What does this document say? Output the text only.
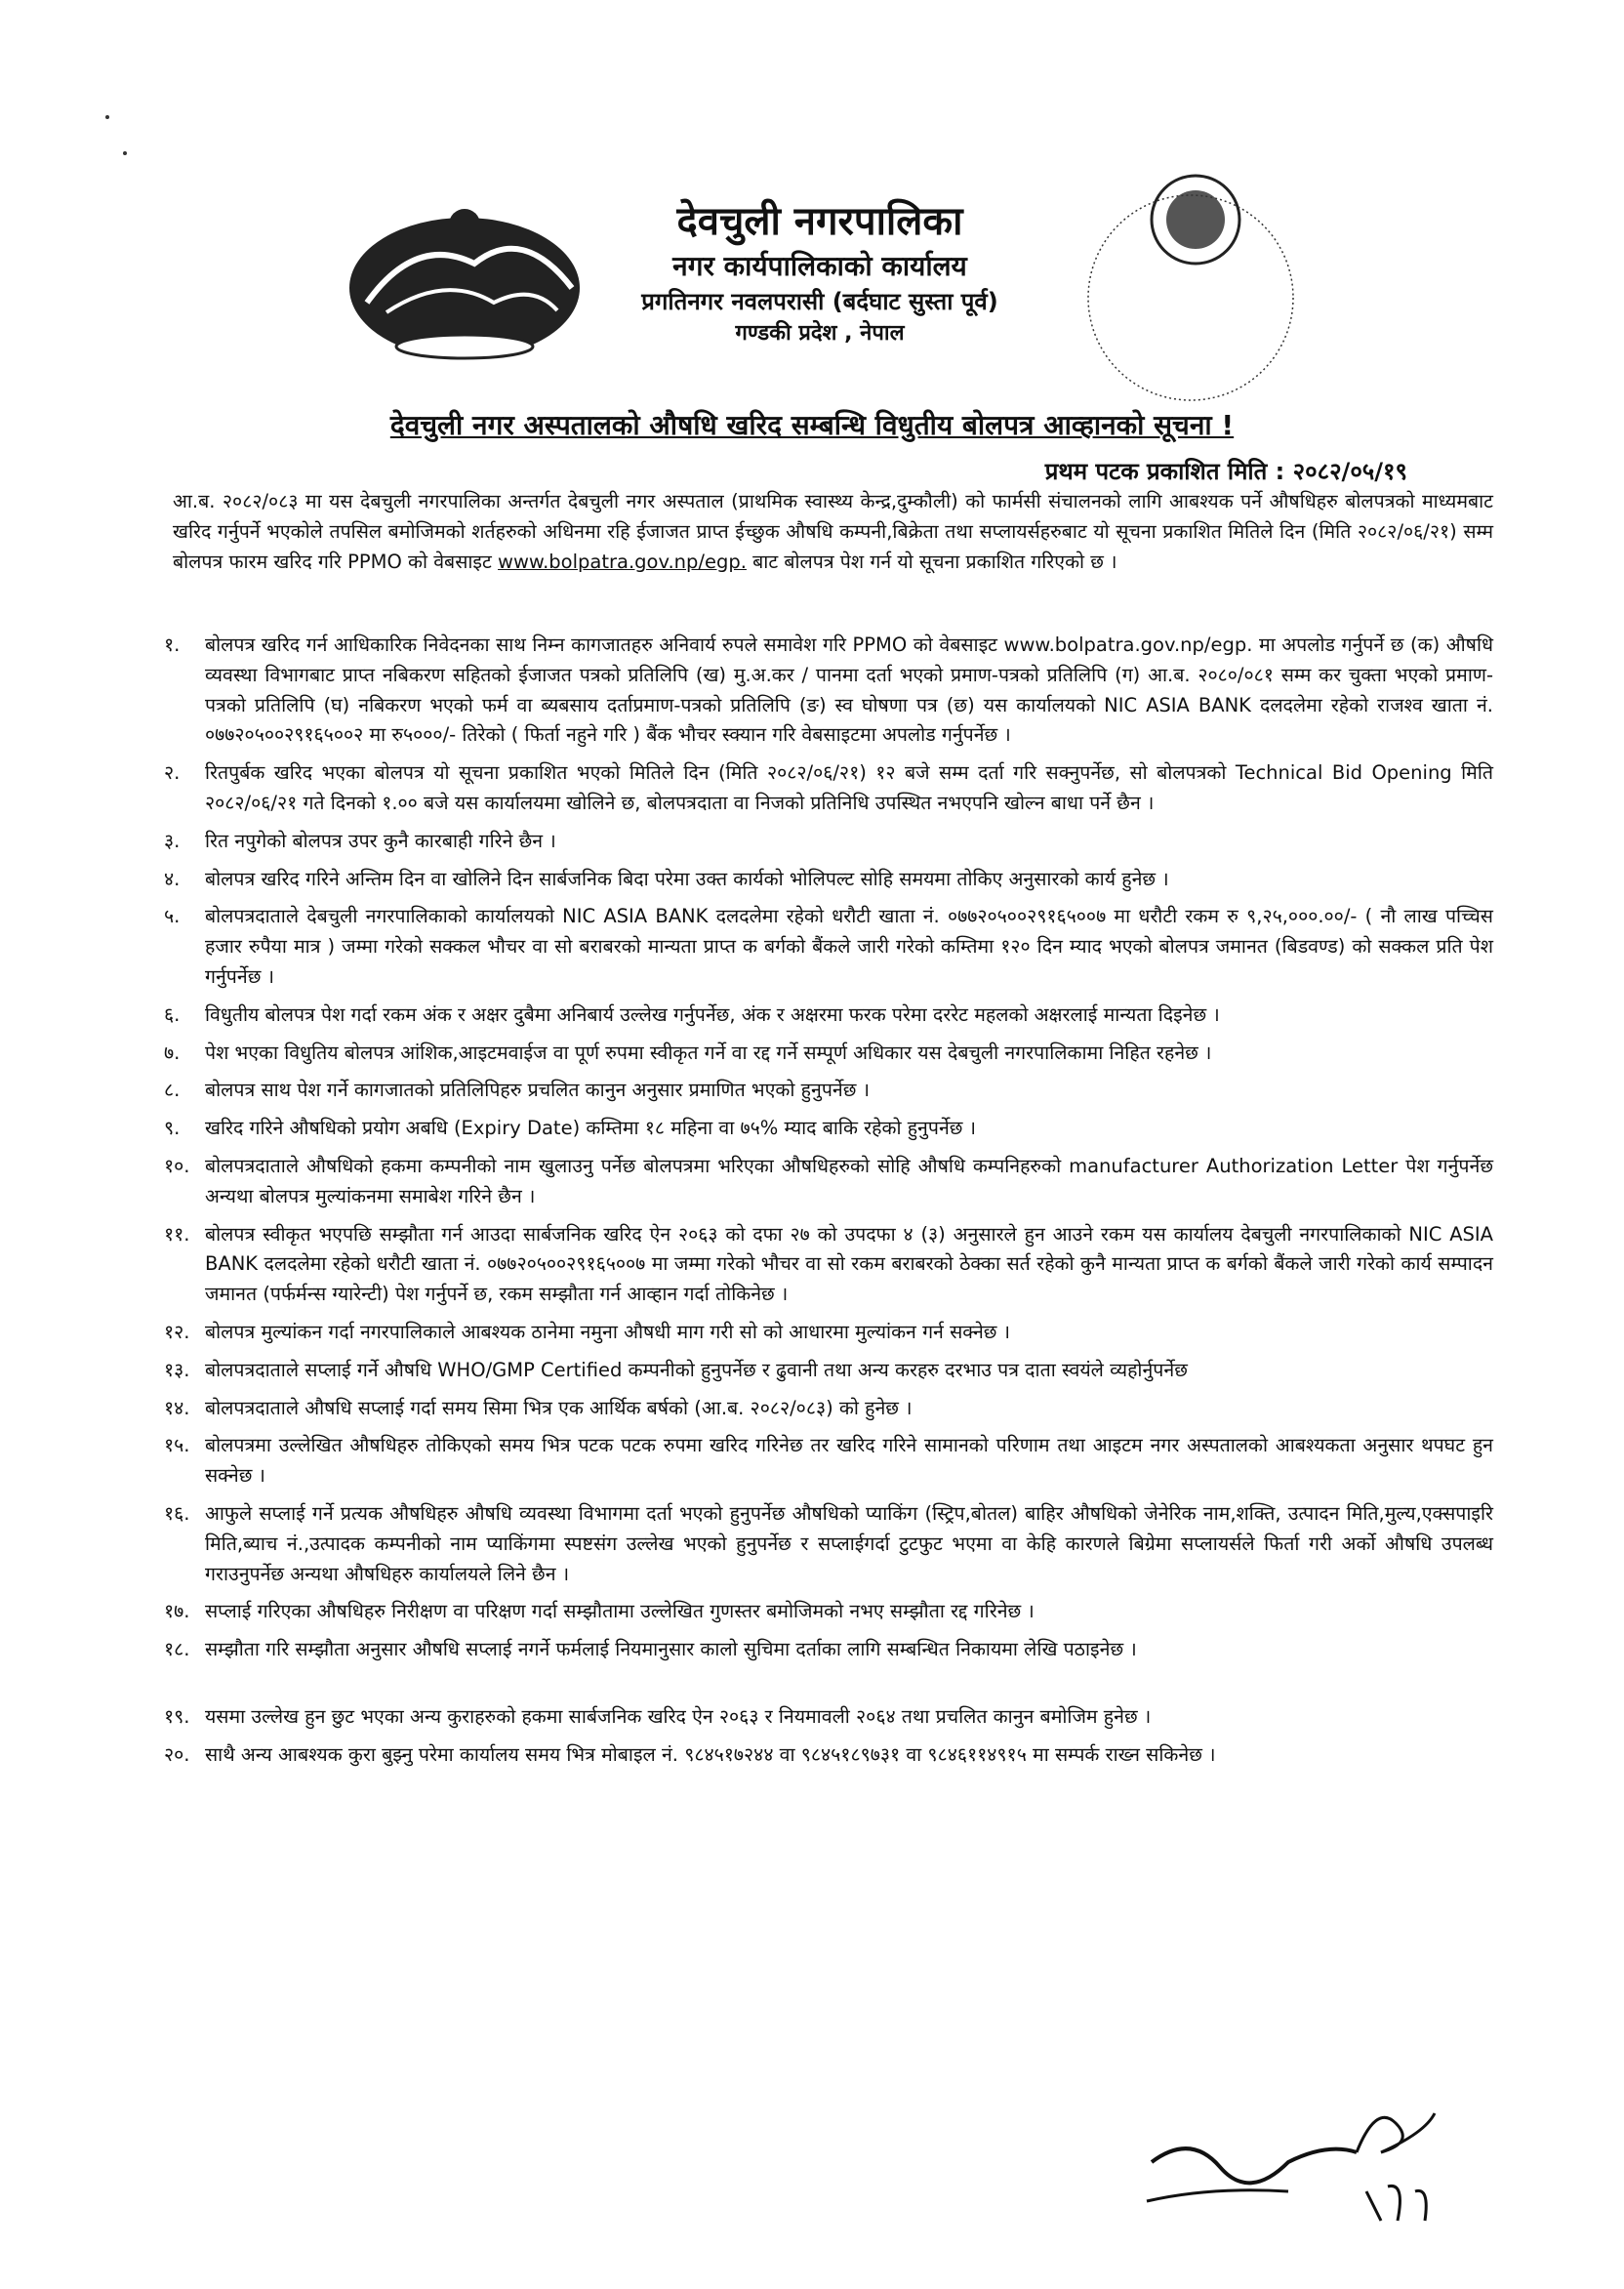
देवचुली नगरपालिका
नगर कार्यपालिकाको कार्यालय
प्रगतिनगर नवलपरासी (बर्दघाट सुस्ता पूर्व)
गण्डकी प्रदेश , नेपाल
देवचुली नगर अस्पतालको औषधि खरिद सम्बन्धि विधुतीय बोलपत्र आव्हानको सूचना !
प्रथम पटक प्रकाशित मिति : २०८२/०५/१९
आ.ब. २०८२/०८३ मा यस देबचुली नगरपालिका अन्तर्गत देबचुली नगर अस्पताल (प्राथमिक स्वास्थ्य केन्द्र,दुम्कौली) को फार्मसी संचालनको लागि आबश्यक पर्ने औषधिहरु बोलपत्रको माध्यमबाट खरिद गर्नुपर्ने भएकोले तपसिल बमोजिमको शर्तहरुको अधिनमा रहि ईजाजत प्राप्त ईच्छुक औषधि कम्पनी,बिक्रेता तथा सप्लायर्सहरुबाट यो सूचना प्रकाशित मितिले दिन (मिति २०८२/०६/२१) सम्म बोलपत्र फारम खरिद गरि PPMO को वेबसाइट www.bolpatra.gov.np/egp. बाट बोलपत्र पेश गर्न यो सूचना प्रकाशित गरिएको छ ।
१.	बोलपत्र खरिद गर्न आधिकारिक निवेदनका साथ निम्न कागजातहरु अनिवार्य रुपले समावेश गरि PPMO को वेबसाइट www.bolpatra.gov.np/egp. मा अपलोड गर्नुपर्ने छ (क) औषधि व्यवस्था विभागबाट प्राप्त नबिकरण सहितको ईजाजत पत्रको प्रतिलिपि (ख) मु.अ.कर / पानमा दर्ता भएको प्रमाण-पत्रको प्रतिलिपि (ग) आ.ब. २०८०/०८१ सम्म कर चुक्ता भएको प्रमाण-पत्रको प्रतिलिपि (घ) नबिकरण भएको फर्म वा ब्यबसाय दर्ताप्रमाण-पत्रको प्रतिलिपि (ङ) स्व घोषणा पत्र (छ) यस कार्यालयको NIC ASIA BANK दलदलेमा रहेको राजश्व खाता नं. ०७७२०५००२९१६५००२ मा रु५०००/- तिरेको ( फिर्ता नहुने गरि ) बैंक भौचर स्क्यान गरि वेबसाइटमा अपलोड गर्नुपर्नेछ ।
२.	रितपुर्बक खरिद भएका बोलपत्र यो सूचना प्रकाशित भएको मितिले दिन (मिति २०८२/०६/२१) १२ बजे सम्म दर्ता गरि सक्नुपर्नेछ, सो बोलपत्रको Technical Bid Opening मिति २०८२/०६/२१ गते दिनको १.०० बजे यस कार्यालयमा खोलिने छ, बोलपत्रदाता वा निजको प्रतिनिधि उपस्थित नभएपनि खोल्न बाधा पर्ने छैन ।
३.	रित नपुगेको बोलपत्र उपर कुनै कारबाही गरिने छैन ।
४.	बोलपत्र खरिद गरिने अन्तिम दिन वा खोलिने दिन सार्बजनिक बिदा परेमा उक्त कार्यको भोलिपल्ट सोहि समयमा तोकिए अनुसारको कार्य हुनेछ ।
५.	बोलपत्रदाताले देबचुली नगरपालिकाको कार्यालयको NIC ASIA BANK दलदलेमा रहेको धरौटी खाता नं. ०७७२०५००२९१६५००७ मा धरौटी रकम रु ९,२५,०००.००/- ( नौ लाख पच्चिस हजार रुपैया मात्र ) जम्मा गरेको सक्कल भौचर वा सो बराबरको मान्यता प्राप्त क बर्गको बैंकले जारी गरेको कम्तिमा १२० दिन म्याद भएको बोलपत्र जमानत (बिडवण्ड) को सक्कल प्रति पेश गर्नुपर्नेछ ।
६.	विधुतीय बोलपत्र पेश गर्दा रकम अंक र अक्षर दुबैमा अनिबार्य उल्लेख गर्नुपर्नेछ, अंक र अक्षरमा फरक परेमा दररेट महलको अक्षरलाई मान्यता दिइनेछ ।
७.	पेश भएका विधुतिय बोलपत्र आंशिक,आइटमवाईज वा पूर्ण रुपमा स्वीकृत गर्ने वा रद्द गर्ने सम्पूर्ण अधिकार यस देबचुली नगरपालिकामा निहित रहनेछ ।
८.	बोलपत्र साथ पेश गर्ने कागजातको प्रतिलिपिहरु प्रचलित कानुन अनुसार प्रमाणित भएको हुनुपर्नेछ ।
९.	खरिद गरिने औषधिको प्रयोग अबधि (Expiry Date) कम्तिमा १८ महिना वा ७५% म्याद बाकि रहेको हुनुपर्नेछ ।
१०. बोलपत्रदाताले औषधिको हकमा कम्पनीको नाम खुलाउनु पर्नेछ बोलपत्रमा भरिएका औषधिहरुको सोहि औषधि कम्पनिहरुको manufacturer Authorization Letter पेश गर्नुपर्नेछ अन्यथा बोलपत्र मुल्यांकनमा समाबेश गरिने छैन ।
११. बोलपत्र स्वीकृत भएपछि सम्झौता गर्न आउदा सार्बजनिक खरिद ऐन २०६३ को दफा २७ को उपदफा ४ (३) अनुसारले हुन आउने रकम यस कार्यालय देबचुली नगरपालिकाको NIC ASIA BANK दलदलेमा रहेको धरौटी खाता नं. ०७७२०५००२९१६५००७ मा जम्मा गरेको भौचर वा सो रकम बराबरको ठेक्का सर्त रहेको कुनै मान्यता प्राप्त क बर्गको बैंकले जारी गरेको कार्य सम्पादन जमानत (पर्फर्मन्स ग्यारेन्टी) पेश गर्नुपर्ने छ, रकम सम्झौता गर्न आव्हान गर्दा तोकिनेछ ।
१२. बोलपत्र मुल्यांकन गर्दा नगरपालिकाले आबश्यक ठानेमा नमुना औषधी माग गरी सो को आधारमा मुल्यांकन गर्न सक्नेछ ।
१३. बोलपत्रदाताले सप्लाई गर्ने औषधि WHO/GMP Certified कम्पनीको हुनुपर्नेछ र ढुवानी तथा अन्य करहरु दरभाउ पत्र दाता स्वयंले व्यहोर्नुपर्नेछ
१४. बोलपत्रदाताले औषधि सप्लाई गर्दा समय सिमा भित्र एक आर्थिक बर्षको (आ.ब. २०८२/०८३) को हुनेछ ।
१५. बोलपत्रमा उल्लेखित औषधिहरु तोकिएको समय भित्र पटक पटक रुपमा खरिद गरिनेछ तर खरिद गरिने सामानको परिणाम तथा आइटम नगर अस्पतालको आबश्यकता अनुसार थपघट हुन सक्नेछ ।
१६. आफुले सप्लाई गर्ने प्रत्यक औषधिहरु औषधि व्यवस्था विभागमा दर्ता भएको हुनुपर्नेछ औषधिको प्याकिंग (स्ट्रिप,बोतल) बाहिर औषधिको जेनेरिक नाम,शक्ति, उत्पादन मिति,मुल्य,एक्सपाइरि मिति,ब्याच नं.,उत्पादक कम्पनीको नाम प्याकिंगमा स्पष्टसंग उल्लेख भएको हुनुपर्नेछ र सप्लाईगर्दा टुटफुट भएमा वा केहि कारणले बिग्रेमा सप्लायर्सले फिर्ता गरी अर्को औषधि उपलब्ध गराउनुपर्नेछ अन्यथा औषधिहरु कार्यालयले लिने छैन ।
१७. सप्लाई गरिएका औषधिहरु निरीक्षण वा परिक्षण गर्दा सम्झौतामा उल्लेखित गुणस्तर बमोजिमको नभए सम्झौता रद्द गरिनेछ ।
१८. सम्झौता गरि सम्झौता अनुसार औषधि सप्लाई नगर्ने फर्मलाई नियमानुसार कालो सुचिमा दर्ताका लागि सम्बन्धित निकायमा लेखि पठाइनेछ ।
१९. यसमा उल्लेख हुन छुट भएका अन्य कुराहरुको हकमा सार्बजनिक खरिद ऐन २०६३ र नियमावली २०६४ तथा प्रचलित कानुन बमोजिम हुनेछ ।
२०. साथै अन्य आबश्यक कुरा बुझ्नु परेमा कार्यालय समय भित्र मोबाइल नं. ९८४५१७२४४ वा ९८४५१८९७३१ वा ९८४६११४९१५ मा सम्पर्क राख्न सकिनेछ ।
